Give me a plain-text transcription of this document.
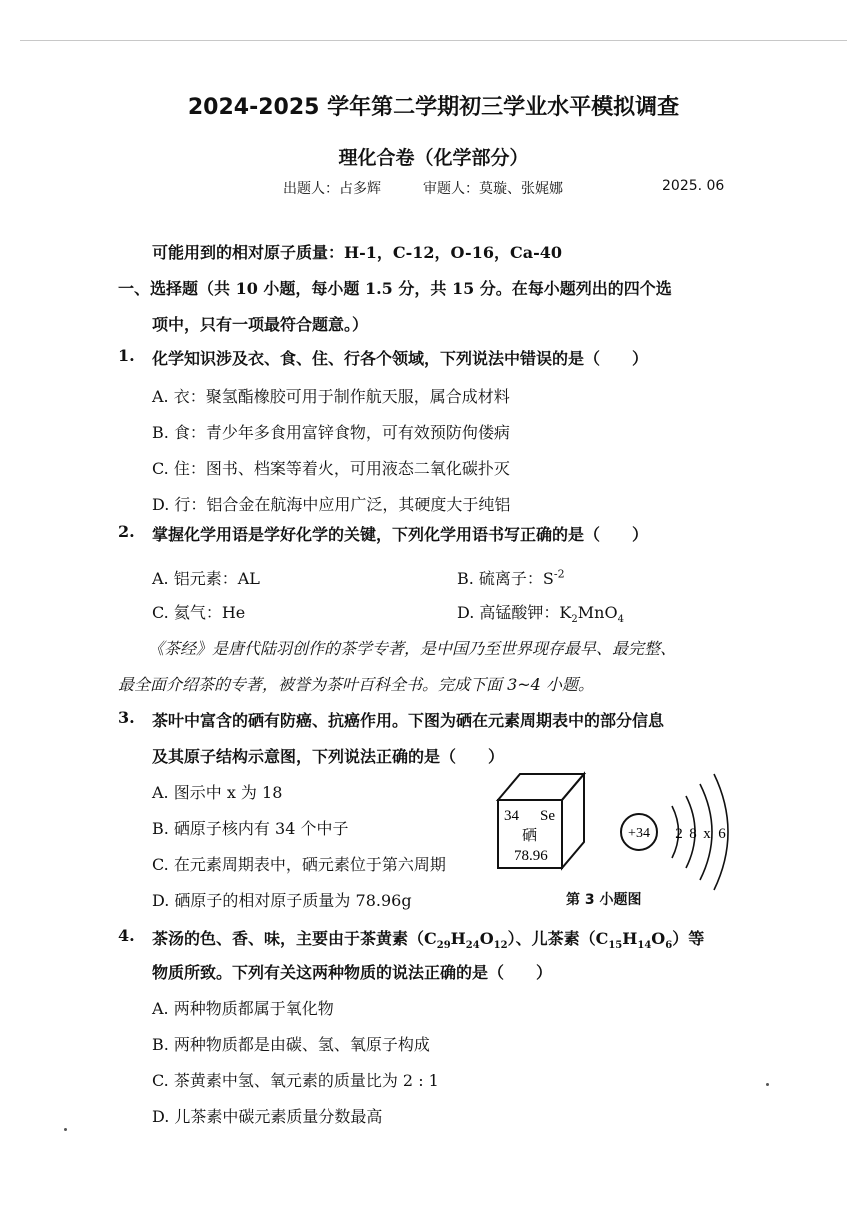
2024-2025 学年第二学期初三学业水平模拟调查
理化合卷（化学部分）
出题人：占多辉	审题人：莫璇、张娓娜	2025. 06
可能用到的相对原子质量：H-1，C-12，O-16，Ca-40
一、选择题（共 10 小题，每小题 1.5 分，共 15 分。在每小题列出的四个选
项中，只有一项最符合题意。）
1. 化学知识涉及衣、食、住、行各个领域，下列说法中错误的是（　　）
A. 衣：聚氢酯橡胶可用于制作航天服，属合成材料
B. 食：青少年多食用富锌食物，可有效预防佝偻病
C. 住：图书、档案等着火，可用液态二氧化碳扑灭
D. 行：铝合金在航海中应用广泛，其硬度大于纯铝
2. 掌握化学用语是学好化学的关键，下列化学用语书写正确的是（　　）
A. 铝元素：AL	B. 硫离子：$S^{-2}$
C. 氦气：He	D. 高锰酸钾：$K_2MnO_4$
《茶经》是唐代陆羽创作的茶学专著，是中国乃至世界现存最早、最完整、
最全面介绍茶的专著，被誉为茶叶百科全书。完成下面 3~4 小题。
3. 茶叶中富含的硒有防癌、抗癌作用。下图为硒在元素周期表中的部分信息
及其原子结构示意图，下列说法正确的是（　　）
A. 图示中 x 为 18
B. 硒原子核内有 34 个中子
C. 在元素周期表中，硒元素位于第六周期
D. 硒原子的相对原子质量为 78.96g
34 Se
硒
78.96
+34 2 8 x 6
第 3 小题图
4. 茶汤的色、香、味，主要由于茶黄素$(C_{29}H_{24}O_{12})$、儿茶素$(C_{15}H_{14}O_6)$等
物质所致。下列有关这两种物质的说法正确的是（　　）
A. 两种物质都属于氧化物
B. 两种物质都是由碳、氢、氧原子构成
C. 茶黄素中氢、氧元素的质量比为 2 : 1
D. 儿茶素中碳元素质量分数最高
